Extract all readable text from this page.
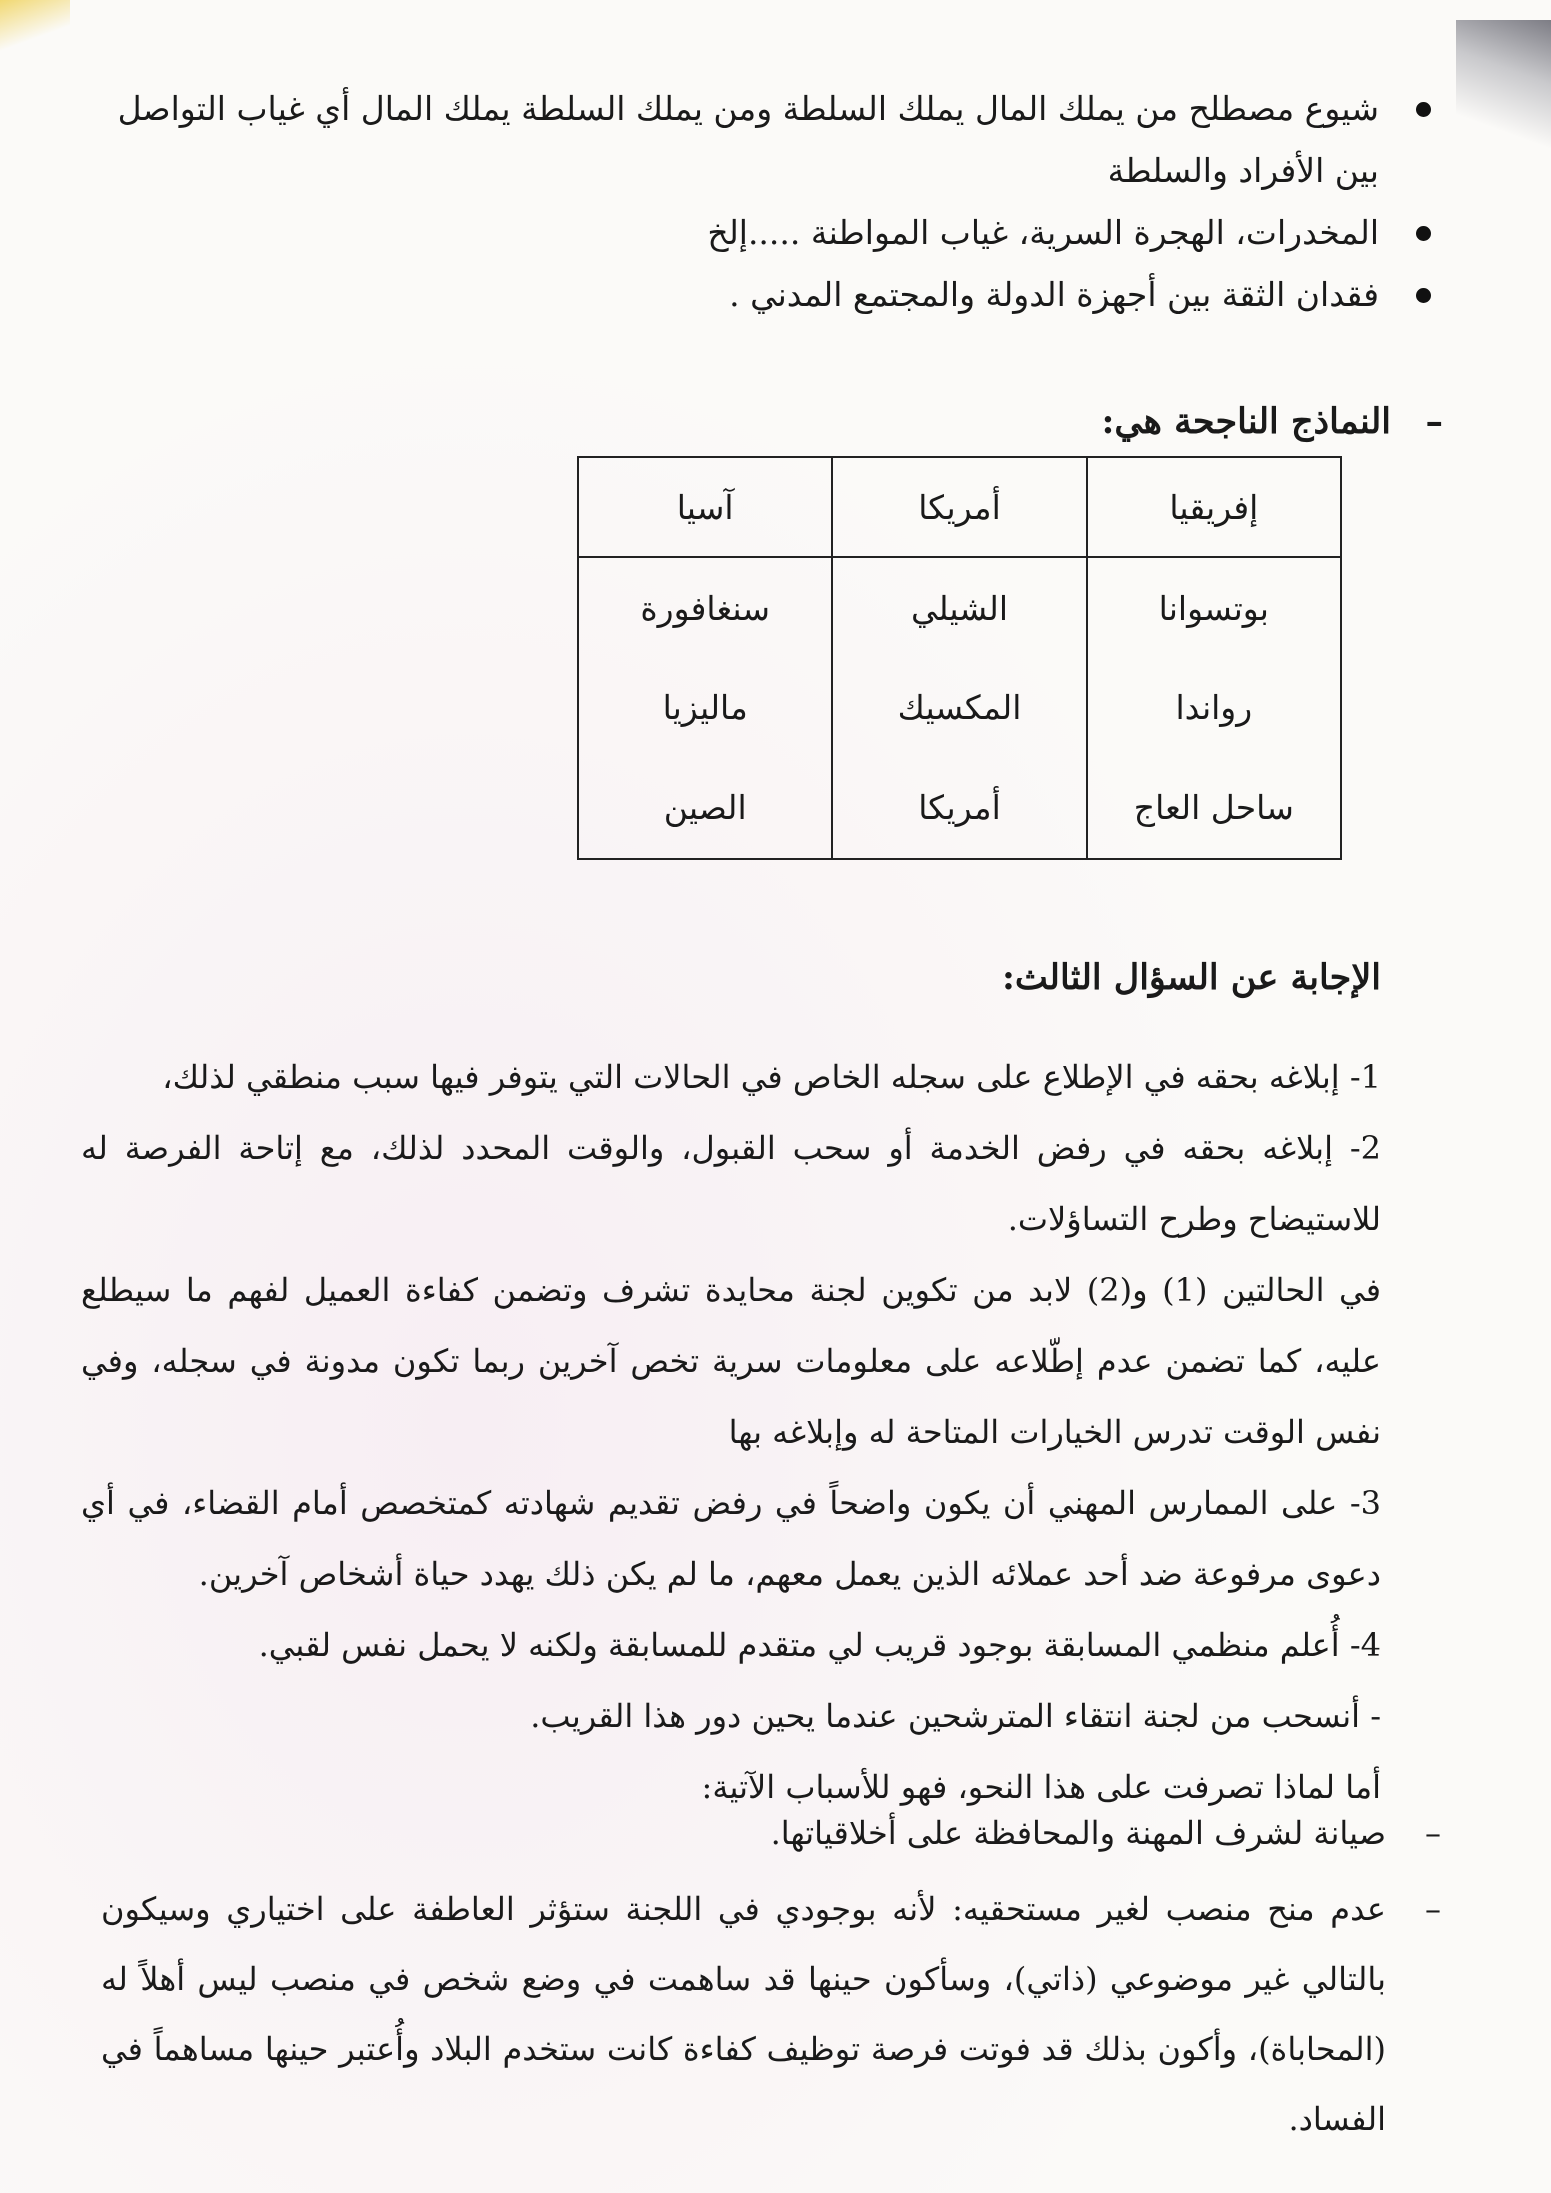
شيوع مصطلح من يملك المال يملك السلطة ومن يملك السلطة يملك المال أي غياب التواصل بين الأفراد والسلطة
المخدرات، الهجرة السرية، غياب المواطنة .....إلخ
فقدان الثقة بين أجهزة الدولة والمجتمع المدني .
–
النماذج الناجحة هي:
إفريقيا	أمريكا	آسيا
بوتسوانا	الشيلي	سنغافورة
رواندا	المكسيك	ماليزيا
ساحل العاج	أمريكا	الصين
الإجابة عن السؤال الثالث:

1- إبلاغه بحقه في الإطلاع على سجله الخاص في الحالات التي يتوفر فيها سبب منطقي لذلك،

2- إبلاغه بحقه في رفض الخدمة أو سحب القبول، والوقت المحدد لذلك، مع إتاحة الفرصة له للاستيضاح وطرح التساؤلات.

في الحالتين (1) و(2) لابد من تكوين لجنة محايدة تشرف وتضمن كفاءة العميل لفهم ما سيطلع عليه، كما تضمن عدم إطّلاعه على معلومات سرية تخص آخرين ربما تكون مدونة في سجله، وفي نفس الوقت تدرس الخيارات المتاحة له وإبلاغه بها

3- على الممارس المهني أن يكون واضحاً في رفض تقديم شهادته كمتخصص أمام القضاء، في أي دعوى مرفوعة ضد أحد عملائه الذين يعمل معهم، ما لم يكن ذلك يهدد حياة أشخاص آخرين.

4- أُعلم منظمي المسابقة بوجود قريب لي متقدم للمسابقة ولكنه لا يحمل نفس لقبي.

- أنسحب من لجنة انتقاء المترشحين عندما يحين دور هذا القريب.

أما لماذا تصرفت على هذا النحو، فهو للأسباب الآتية:

– صيانة لشرف المهنة والمحافظة على أخلاقياتها.
– عدم منح منصب لغير مستحقيه: لأنه بوجودي في اللجنة ستؤثر العاطفة على اختياري وسيكون بالتالي غير موضوعي (ذاتي)، وسأكون حينها قد ساهمت في وضع شخص في منصب ليس أهلاً له (المحاباة)، وأكون بذلك قد فوتت فرصة توظيف كفاءة كانت ستخدم البلاد وأُعتبر حينها مساهماً في الفساد.
